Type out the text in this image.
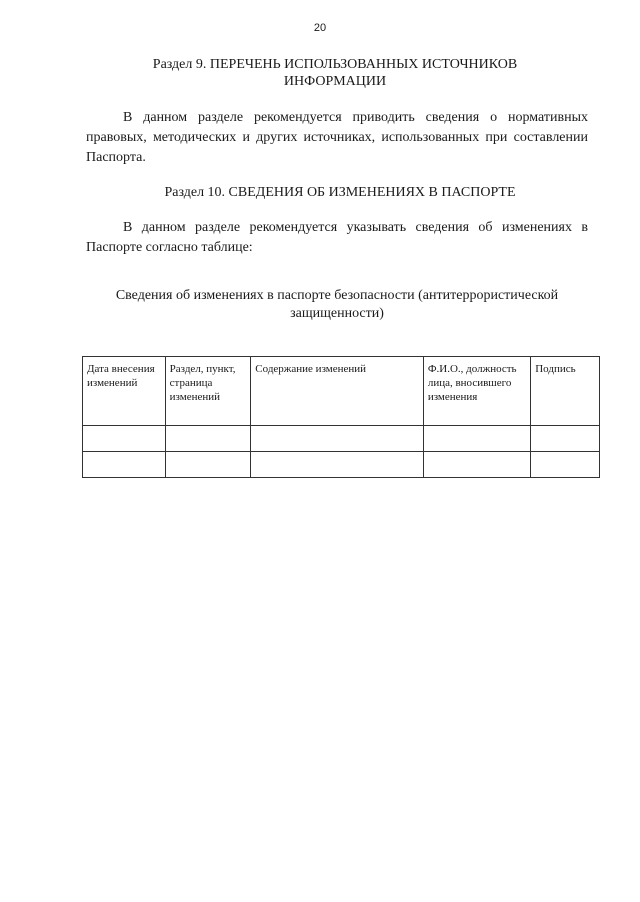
20
Раздел 9. ПЕРЕЧЕНЬ ИСПОЛЬЗОВАННЫХ ИСТОЧНИКОВ ИНФОРМАЦИИ
В данном разделе рекомендуется приводить сведения о нормативных правовых, методических и других источниках, использованных при составлении Паспорта.
Раздел 10. СВЕДЕНИЯ ОБ ИЗМЕНЕНИЯХ В ПАСПОРТЕ
В данном разделе рекомендуется указывать сведения об изменениях в Паспорте согласно таблице:
Сведения об изменениях в паспорте безопасности (антитеррористической защищенности)
Дата внесения изменений	Раздел, пункт, страница изменений	Содержание изменений	Ф.И.О., должность лица, вносившего изменения	Подпись
